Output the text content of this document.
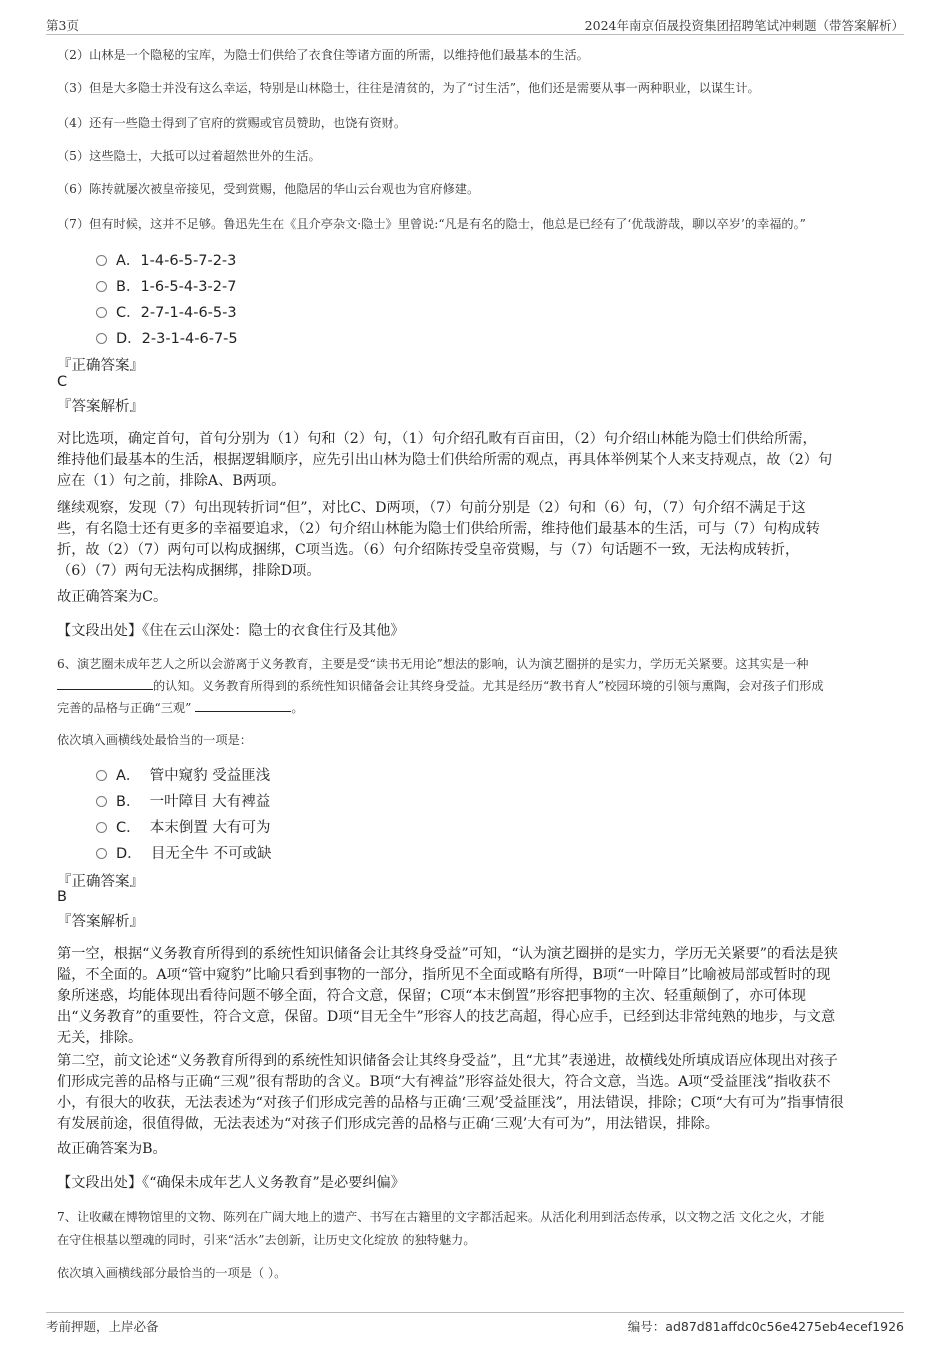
第3页	2024年南京佰晟投资集团招聘笔试冲刺题（带答案解析）
（2）山林是一个隐秘的宝库，为隐士们供给了衣食住等诸方面的所需，以维持他们最基本的生活。
（3）但是大多隐士并没有这么幸运，特别是山林隐士，往往是清贫的，为了“讨生活”，他们还是需要从事一两种职业，以谋生计。
（4）还有一些隐士得到了官府的赏赐或官员赞助，也饶有资财。
（5）这些隐士，大抵可以过着超然世外的生活。
（6）陈抟就屡次被皇帝接见，受到赏赐，他隐居的华山云台观也为官府修建。
（7）但有时候，这并不足够。鲁迅先生在《且介亭杂文·隐士》里曾说:“凡是有名的隐士，他总是已经有了‘优哉游哉，聊以卒岁’的幸福的。”
A．1-4-6-5-7-2-3
B．1-6-5-4-3-2-7
C．2-7-1-4-6-5-3
D．2-3-1-4-6-7-5
『正确答案』
C
『答案解析』
对比选项，确定首句，首句分别为（1）句和（2）句，（1）句介绍孔畋有百亩田，（2）句介绍山林能为隐士们供给所需，
维持他们最基本的生活，根据逻辑顺序，应先引出山林为隐士们供给所需的观点，再具体举例某个人来支持观点，故（2）句
应在（1）句之前，排除A、B两项。
继续观察，发现（7）句出现转折词“但”，对比C、D两项，（7）句前分别是（2）句和（6）句，（7）句介绍不满足于这
些，有名隐士还有更多的幸福要追求，（2）句介绍山林能为隐士们供给所需，维持他们最基本的生活，可与（7）句构成转
折，故（2）（7）两句可以构成捆绑，C项当选。（6）句介绍陈抟受皇帝赏赐，与（7）句话题不一致，无法构成转折，
（6）（7）两句无法构成捆绑，排除D项。
故正确答案为C。
【文段出处】《住在云山深处：隐士的衣食住行及其他》
6、演艺圈未成年艺人之所以会游离于义务教育，主要是受“读书无用论”想法的影响，认为演艺圈拼的是实力，学历无关紧要。这其实是一种
的认知。义务教育所得到的系统性知识储备会让其终身受益。尤其是经历“教书育人”校园环境的引领与熏陶，会对孩子们形成
完善的品格与正确“三观”	。
依次填入画横线处最恰当的一项是：
A． 管中窥豹 受益匪浅
B． 一叶障目 大有裨益
C． 本末倒置 大有可为
D． 目无全牛 不可或缺
『正确答案』
B
『答案解析』
第一空，根据“义务教育所得到的系统性知识储备会让其终身受益”可知，“认为演艺圈拼的是实力，学历无关紧要”的看法是狭
隘，不全面的。A项“管中窥豹”比喻只看到事物的一部分，指所见不全面或略有所得，B项“一叶障目”比喻被局部或暂时的现
象所迷惑，均能体现出看待问题不够全面，符合文意，保留；C项“本末倒置”形容把事物的主次、轻重颠倒了，亦可体现
出“义务教育”的重要性，符合文意，保留。D项“目无全牛”形容人的技艺高超，得心应手，已经到达非常纯熟的地步，与文意
无关，排除。
第二空，前文论述“义务教育所得到的系统性知识储备会让其终身受益”，且“尤其”表递进，故横线处所填成语应体现出对孩子
们形成完善的品格与正确“三观”很有帮助的含义。B项“大有裨益”形容益处很大，符合文意，当选。A项“受益匪浅”指收获不
小，有很大的收获，无法表述为“对孩子们形成完善的品格与正确‘三观’受益匪浅”，用法错误，排除；C项“大有可为”指事情很
有发展前途，很值得做，无法表述为“对孩子们形成完善的品格与正确‘三观’大有可为”，用法错误，排除。
故正确答案为B。
【文段出处】《“确保未成年艺人义务教育”是必要纠偏》
7、让收藏在博物馆里的文物、陈列在广阔大地上的遗产、书写在古籍里的文字都活起来。从活化利用到活态传承，以文物之活 文化之火，才能
在守住根基以塑魂的同时，引来“活水”去创新，让历史文化绽放 的独特魅力。
依次填入画横线部分最恰当的一项是（ ）。
考前押题，上岸必备	编号：ad87d81affdc0c56e4275eb4ecef1926
